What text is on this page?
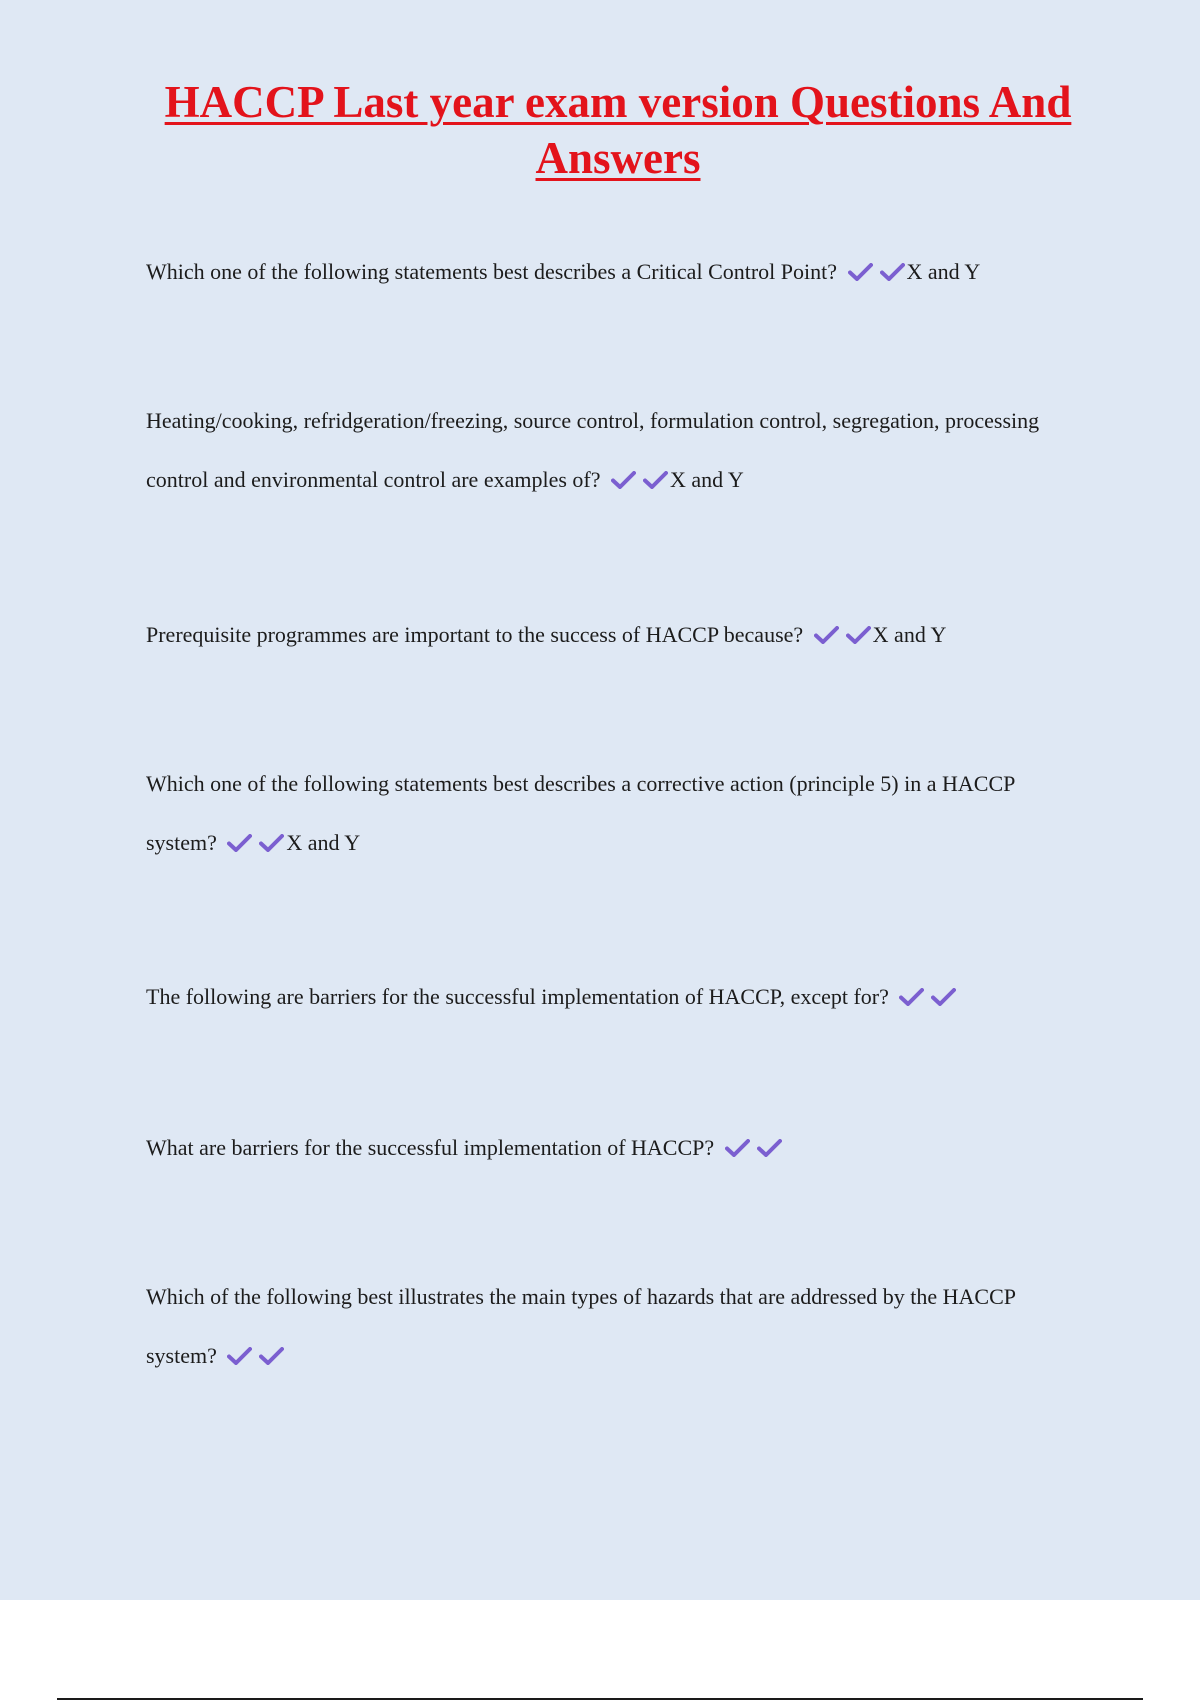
HACCP Last year exam version Questions And Answers

Which one of the following statements best describes a Critical Control Point?	X and Y

Heating/cooking, refridgeration/freezing, source control, formulation control, segregation, processing control and environmental control are examples of?	X and Y

Prerequisite programmes are important to the success of HACCP because?	X and Y

Which one of the following statements best describes a corrective action (principle 5) in a HACCP system?	X and Y

The following are barriers for the successful implementation of HACCP, except for?

What are barriers for the successful implementation of HACCP?

Which of the following best illustrates the main types of hazards that are addressed by the HACCP system?
